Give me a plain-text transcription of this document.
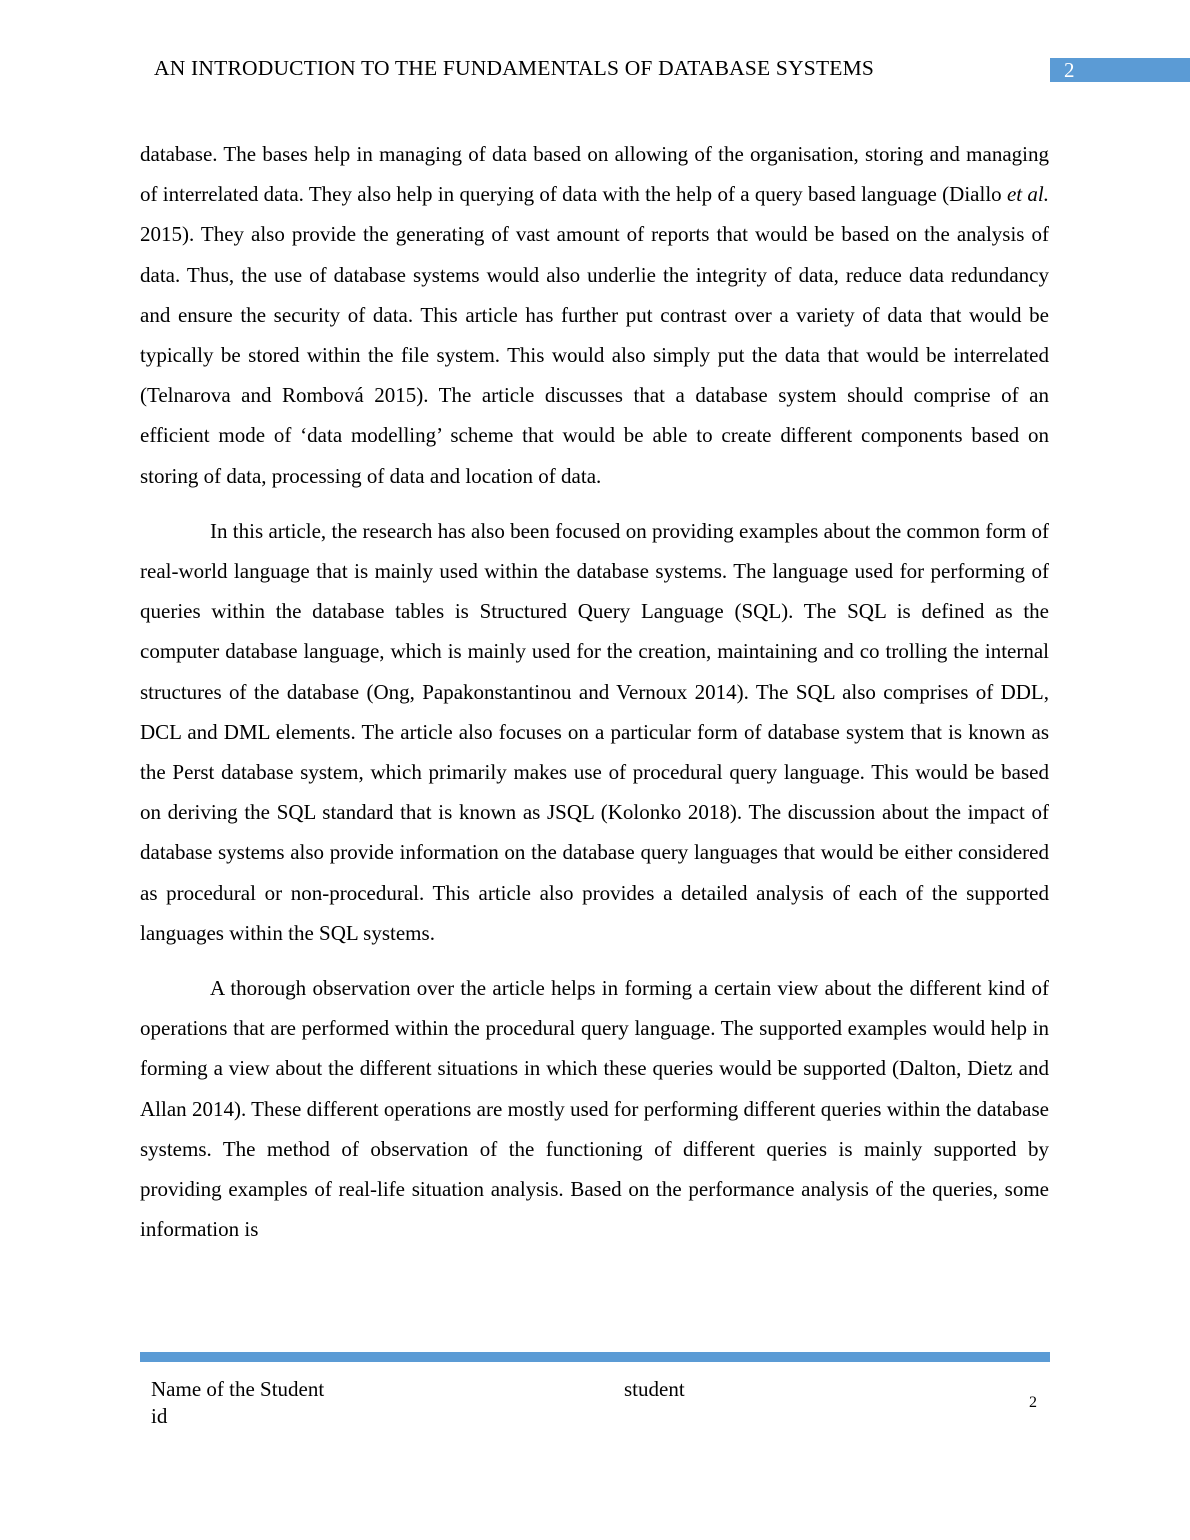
AN INTRODUCTION TO THE FUNDAMENTALS OF DATABASE SYSTEMS	2

database. The bases help in managing of data based on allowing of the organisation, storing and managing of interrelated data. They also help in querying of data with the help of a query based language (Diallo et al. 2015). They also provide the generating of vast amount of reports that would be based on the analysis of data. Thus, the use of database systems would also underlie the integrity of data, reduce data redundancy and ensure the security of data. This article has further put contrast over a variety of data that would be typically be stored within the file system. This would also simply put the data that would be interrelated (Telnarova and Rombová 2015). The article discusses that a database system should comprise of an efficient mode of ‘data modelling’ scheme that would be able to create different components based on storing of data, processing of data and location of data.

In this article, the research has also been focused on providing examples about the common form of real-world language that is mainly used within the database systems. The language used for performing of queries within the database tables is Structured Query Language (SQL). The SQL is defined as the computer database language, which is mainly used for the creation, maintaining and co trolling the internal structures of the database (Ong, Papakonstantinou and Vernoux 2014). The SQL also comprises of DDL, DCL and DML elements. The article also focuses on a particular form of database system that is known as the Perst database system, which primarily makes use of procedural query language. This would be based on deriving the SQL standard that is known as JSQL (Kolonko 2018). The discussion about the impact of database systems also provide information on the database query languages that would be either considered as procedural or non-procedural. This article also provides a detailed analysis of each of the supported languages within the SQL systems.

A thorough observation over the article helps in forming a certain view about the different kind of operations that are performed within the procedural query language. The supported examples would help in forming a view about the different situations in which these queries would be supported (Dalton, Dietz and Allan 2014). These different operations are mostly used for performing different queries within the database systems. The method of observation of the functioning of different queries is mainly supported by providing examples of real-life situation analysis. Based on the performance analysis of the queries, some information is

Name of the Student
id
student
2
